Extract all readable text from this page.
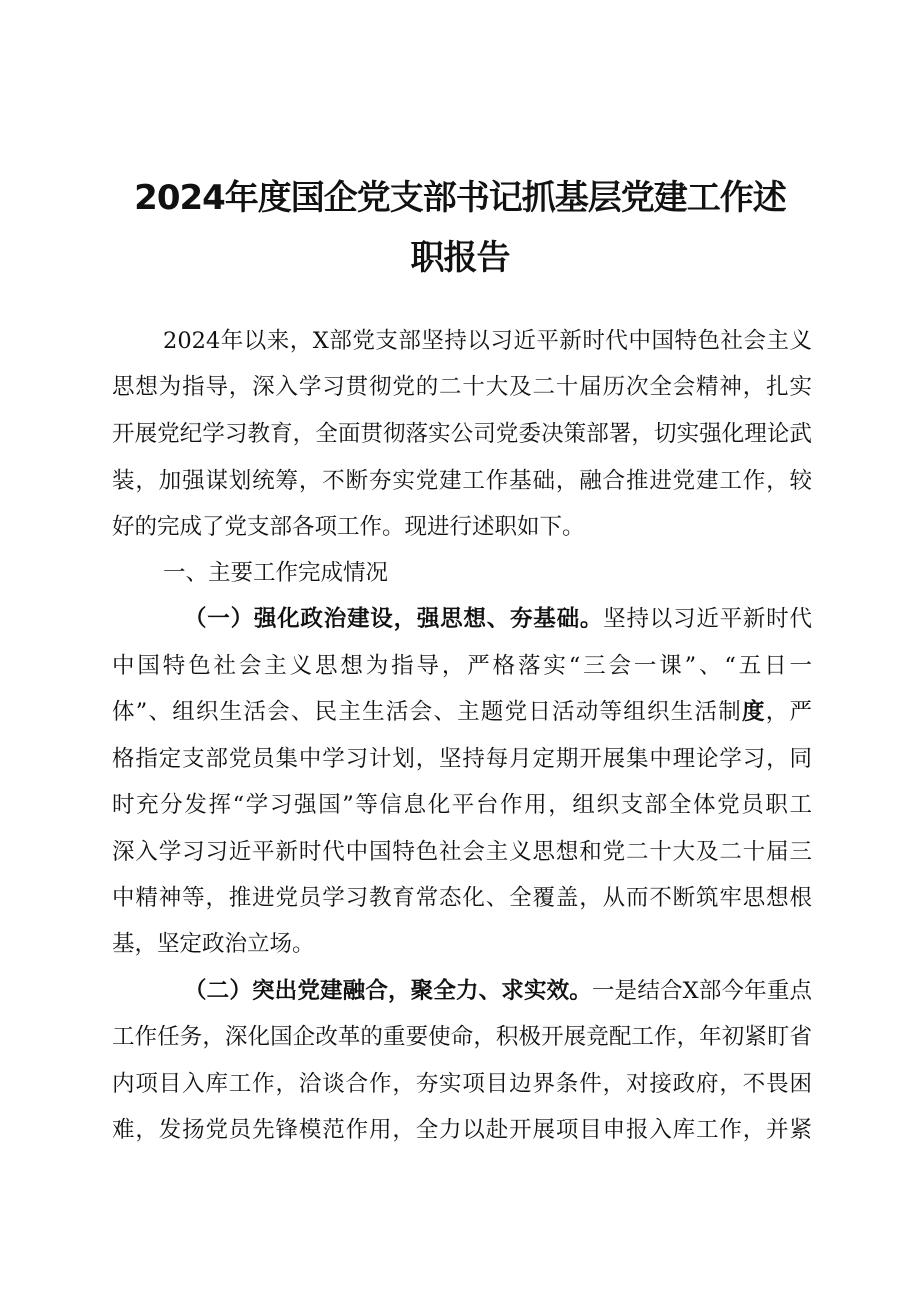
2024年度国企党支部书记抓基层党建工作述
职报告
2024年以来，X部党支部坚持以习近平新时代中国特色社会主义
思想为指导，深入学习贯彻党的二十大及二十届历次全会精神，扎实
开展党纪学习教育，全面贯彻落实公司党委决策部署，切实强化理论武
装，加强谋划统筹，不断夯实党建工作基础，融合推进党建工作，较
好的完成了党支部各项工作。现进行述职如下。
一、主要工作完成情况
（一）强化政治建设，强思想、夯基础。坚持以习近平新时代
中国特色社会主义思想为指导，严格落实“三会一课”、“五日一
体”、组织生活会、民主生活会、主题党日活动等组织生活制度，严
格指定支部党员集中学习计划，坚持每月定期开展集中理论学习，同
时充分发挥“学习强国”等信息化平台作用，组织支部全体党员职工
深入学习习近平新时代中国特色社会主义思想和党二十大及二十届三
中精神等，推进党员学习教育常态化、全覆盖，从而不断筑牢思想根
基，坚定政治立场。
（二）突出党建融合，聚全力、求实效。一是结合X部今年重点
工作任务，深化国企改革的重要使命，积极开展竞配工作，年初紧盯省
内项目入库工作，洽谈合作，夯实项目边界条件，对接政府，不畏困
难，发扬党员先锋模范作用，全力以赴开展项目申报入库工作，并紧
